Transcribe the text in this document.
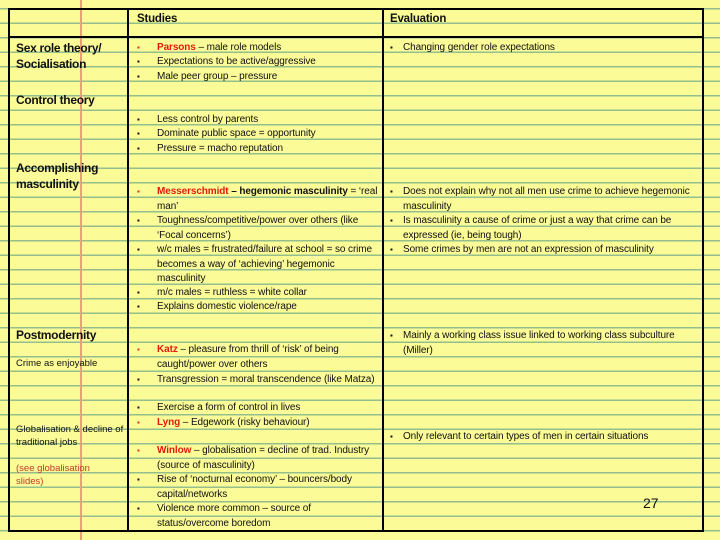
Studies	Evaluation
Sex role theory/ Socialisation
Control theory
Accomplishing masculinity
Postmodernity
Crime as enjoyable
Globalisation & decline of traditional jobs
(see globalisation slides)
▪ Parsons – male role models
▪ Expectations to be active/aggressive
▪ Male peer group – pressure
▪ Less control by parents
▪ Dominate public space = opportunity
▪ Pressure = macho reputation
▪ Messerschmidt – hegemonic masculinity = ‘real man’
▪ Toughness/competitive/power over others (like ‘Focal concerns’)
▪ w/c males = frustrated/failure at school = so crime becomes a way of ‘achieving’ hegemonic masculinity
▪ m/c males = ruthless = white collar
▪ Explains domestic violence/rape
▪ Katz – pleasure from thrill of ‘risk’ of being caught/power over others
▪ Transgression = moral transcendence (like Matza)
▪ Exercise a form of control in lives
▪ Lyng – Edgework (risky behaviour)
▪ Winlow – globalisation = decline of trad. Industry (source of masculinity)
▪ Rise of ‘nocturnal economy’ – bouncers/body capital/networks
▪ Violence more common – source of status/overcome boredom
▪ Changing gender role expectations
▪ Does not explain why not all men use crime to achieve hegemonic masculinity
▪ Is masculinity a cause of crime or just a way that crime can be expressed (ie, being tough)
▪ Some crimes by men are not an expression of masculinity
▪ Mainly a working class issue linked to working class subculture (Miller)
▪ Only relevant to certain types of men in certain situations
27
